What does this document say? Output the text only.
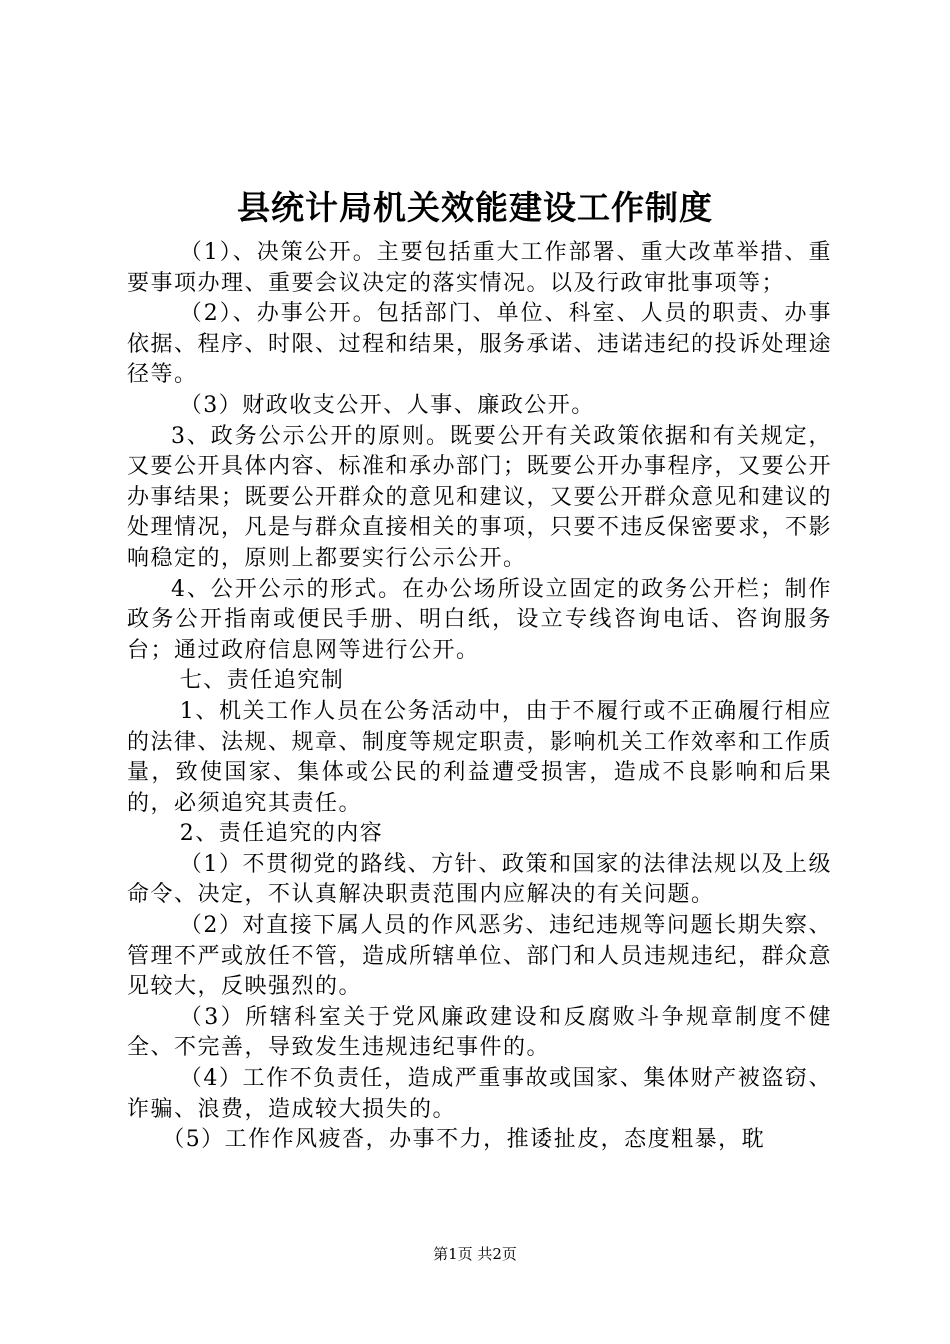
县统计局机关效能建设工作制度

（1）、决策公开。主要包括重大工作部署、重大改革举措、重要事项办理、重要会议决定的落实情况。以及行政审批事项等；

（2）、办事公开。包括部门、单位、科室、人员的职责、办事依据、程序、时限、过程和结果，服务承诺、违诺违纪的投诉处理途径等。

（3）财政收支公开、人事、廉政公开。

3、政务公示公开的原则。既要公开有关政策依据和有关规定，又要公开具体内容、标准和承办部门；既要公开办事程序，又要公开办事结果；既要公开群众的意见和建议，又要公开群众意见和建议的处理情况，凡是与群众直接相关的事项，只要不违反保密要求，不影响稳定的，原则上都要实行公示公开。

4、公开公示的形式。在办公场所设立固定的政务公开栏；制作政务公开指南或便民手册、明白纸，设立专线咨询电话、咨询服务台；通过政府信息网等进行公开。

七、责任追究制

1、机关工作人员在公务活动中，由于不履行或不正确履行相应的法律、法规、规章、制度等规定职责，影响机关工作效率和工作质量，致使国家、集体或公民的利益遭受损害，造成不良影响和后果的，必须追究其责任。

2、责任追究的内容

（1）不贯彻党的路线、方针、政策和国家的法律法规以及上级命令、决定，不认真解决职责范围内应解决的有关问题。

（2）对直接下属人员的作风恶劣、违纪违规等问题长期失察、管理不严或放任不管，造成所辖单位、部门和人员违规违纪，群众意见较大，反映强烈的。

（3）所辖科室关于党风廉政建设和反腐败斗争规章制度不健全、不完善，导致发生违规违纪事件的。

（4）工作不负责任，造成严重事故或国家、集体财产被盗窃、诈骗、浪费，造成较大损失的。

（5）工作作风疲沓，办事不力，推诿扯皮，态度粗暴，耽

第1页 共2页
